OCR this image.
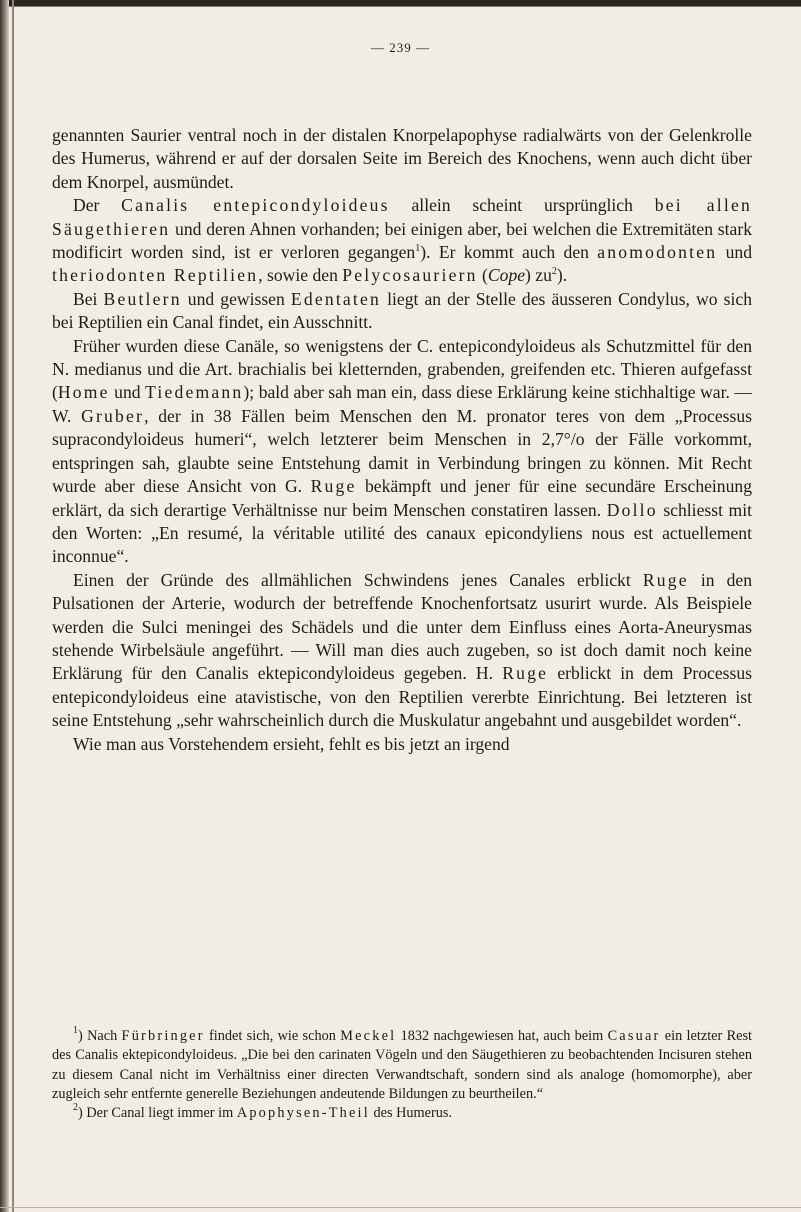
— 239 —

genannten Saurier ventral noch in der distalen Knorpelapophyse radialwärts von der Gelenkrolle des Humerus, während er auf der dorsalen Seite im Bereich des Knochens, wenn auch dicht über dem Knorpel, ausmündet.

Der Canalis entepicondyloideus allein scheint ursprünglich bei allen Säugethieren und deren Ahnen vorhanden; bei einigen aber, bei welchen die Extremitäten stark modificirt worden sind, ist er verloren gegangen$^1$). Er kommt auch den anomodonten und theriodonten Reptilien, sowie den Pelycosauriern (Cope) $zu^2$).

Bei Beutlern und gewissen Edentaten liegt an der Stelle des äusseren Condylus, wo sich bei Reptilien ein Canal findet, ein Ausschnitt.

Früher wurden diese Canäle, so wenigstens der C. entepicondyloideus als Schutzmittel für den N. medianus und die Art. brachialis bei kletternden, grabenden, greifenden etc. Thieren aufgefasst (Home und Tiedemann); bald aber sah man ein, dass diese Erklärung keine stichhaltige war. — W. Gruber, der in 38 Fällen beim Menschen den M. pronator teres von dem „Processus supracondyloideus humeri“, welch letzterer beim Menschen in 2,7°/o der Fälle vorkommt, entspringen sah, glaubte seine Entstehung damit in Verbindung bringen zu können. Mit Recht wurde aber diese Ansicht von G. Ruge bekämpft und jener für eine secundäre Erscheinung erklärt, da sich derartige Verhältnisse nur beim Menschen constatiren lassen. Dollo schliesst mit den Worten: „En resumé, la véritable utilité des canaux epicondyliens nous est actuellement inconnue“.

Einen der Gründe des allmählichen Schwindens jenes Canales erblickt Ruge in den Pulsationen der Arterie, wodurch der betreffende Knochenfortsatz usurirt wurde. Als Beispiele werden die Sulci meningei des Schädels und die unter dem Einfluss eines Aorta-Aneurysmas stehende Wirbelsäule angeführt. — Will man dies auch zugeben, so ist doch damit noch keine Erklärung für den Canalis ektepicondyloideus gegeben. H. Ruge erblickt in dem Processus entepicondyloideus eine atavistische, von den Reptilien vererbte Einrichtung. Bei letzteren ist seine Entstehung „sehr wahrscheinlich durch die Muskulatur angebahnt und ausgebildet worden“.

Wie man aus Vorstehendem ersieht, fehlt es bis jetzt an irgend

$^1$) Nach Fürbringer findet sich, wie schon Meckel 1832 nachgewiesen hat, auch beim Casuar ein letzter Rest des Canalis ektepicondyloideus. „Die bei den carinaten Vögeln und den Säugethieren zu beobachtenden Incisuren stehen zu diesem Canal nicht im Verhältniss einer directen Verwandtschaft, sondern sind als analoge (homomorphe), aber zugleich sehr entfernte generelle Beziehungen andeutende Bildungen zu beurtheilen.“

$^2$) Der Canal liegt immer im Apophysen-Theil des Humerus.
